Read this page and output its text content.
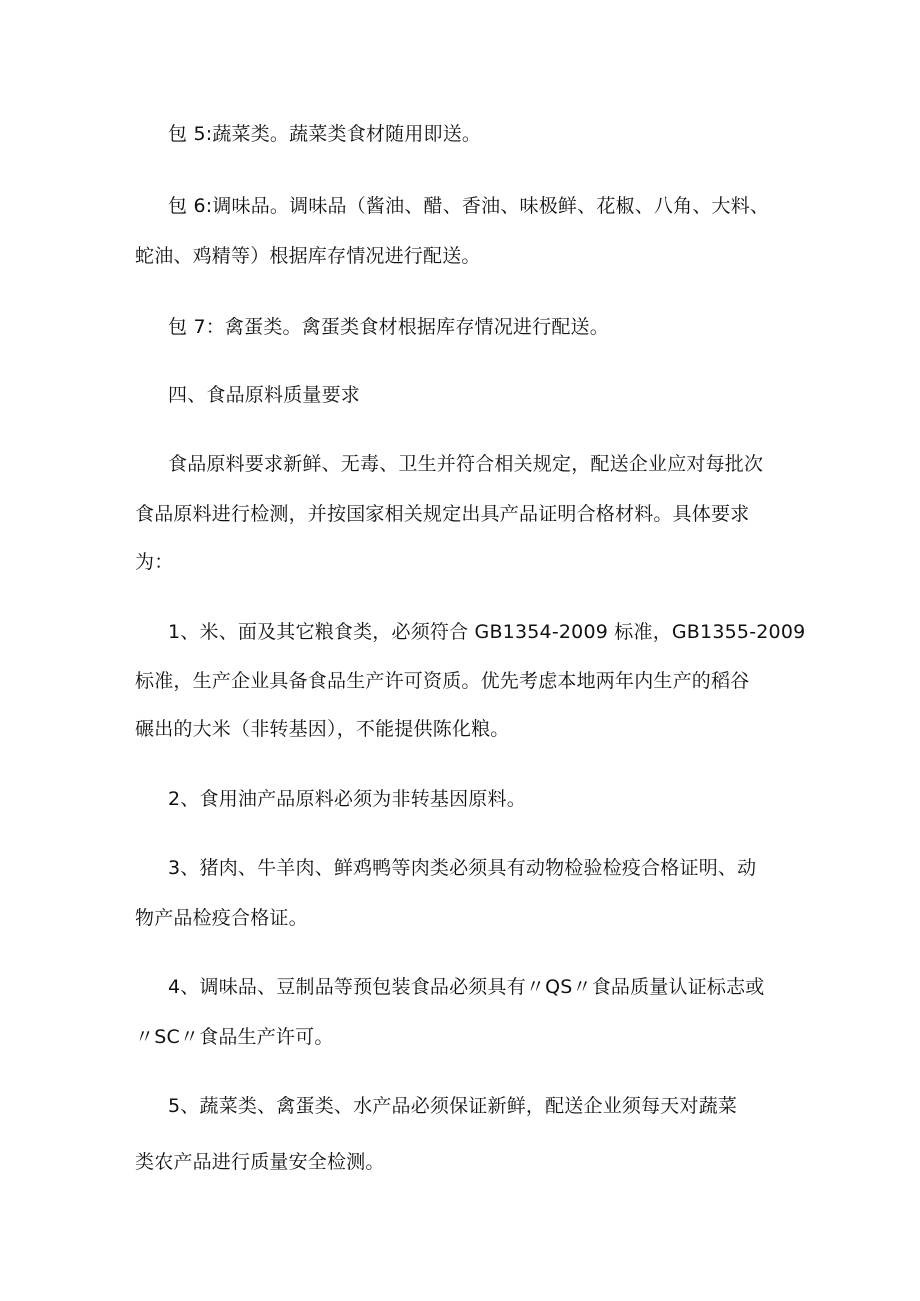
包 5:蔬菜类。蔬菜类食材随用即送。
包 6:调味品。调味品（酱油、醋、香油、味极鲜、花椒、八角、大料、
蛇油、鸡精等）根据库存情况进行配送。
包 7：禽蛋类。禽蛋类食材根据库存情况进行配送。
四、食品原料质量要求
食品原料要求新鲜、无毒、卫生并符合相关规定，配送企业应对每批次
食品原料进行检测，并按国家相关规定出具产品证明合格材料。具体要求
为：
1、米、面及其它粮食类，必须符合 GB1354-2009 标准，GB1355-2009
标准，生产企业具备食品生产许可资质。优先考虑本地两年内生产的稻谷
碾出的大米（非转基因），不能提供陈化粮。
2、食用油产品原料必须为非转基因原料。
3、猪肉、牛羊肉、鲜鸡鸭等肉类必须具有动物检验检疫合格证明、动
物产品检疫合格证。
4、调味品、豆制品等预包装食品必须具有〃QS〃食品质量认证标志或
〃SC〃食品生产许可。
5、蔬菜类、禽蛋类、水产品必须保证新鲜，配送企业须每天对蔬菜
类农产品进行质量安全检测。
